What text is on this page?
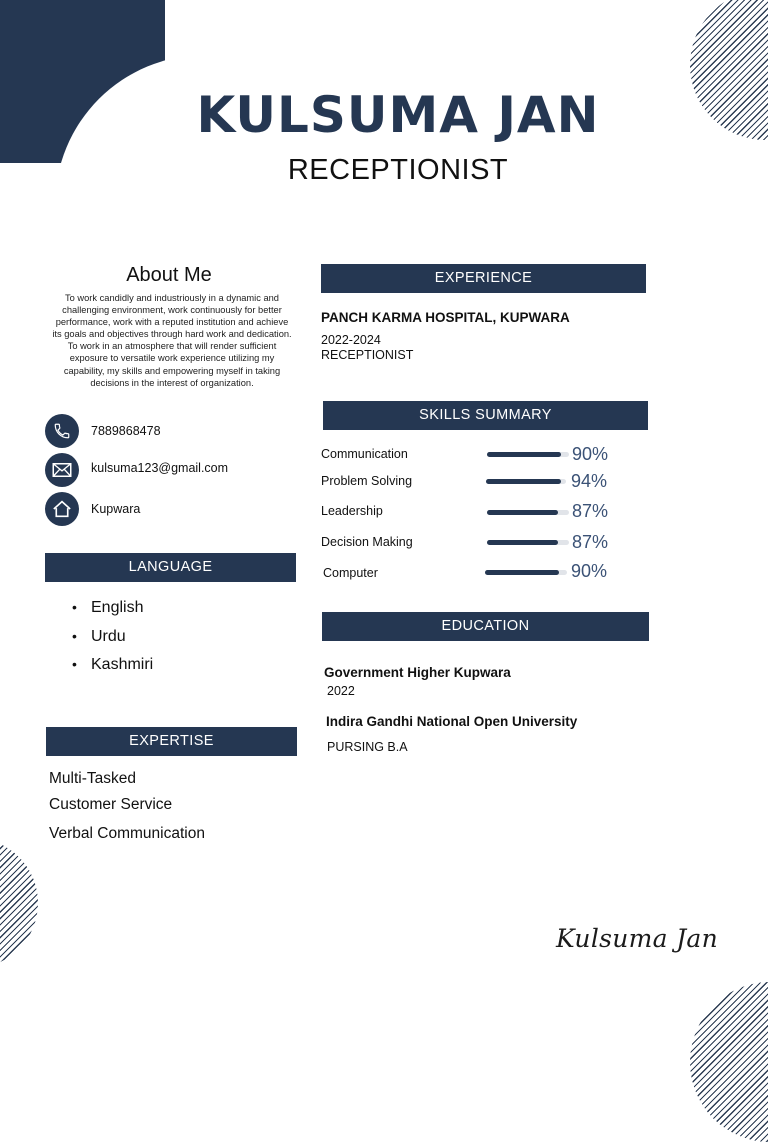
KULSUMA JAN
RECEPTIONIST
About Me
To work candidly and industriously in a dynamic and challenging environment, work continuously for better performance, work with a reputed institution and achieve its goals and objectives through hard work and dedication. To work in an atmosphere that will render sufficient exposure to versatile work experience utilizing my capability, my skills and empowering myself in taking decisions in the interest of organization.
7889868478
kulsuma123@gmail.com
Kupwara
LANGUAGE
• English
• Urdu
• Kashmiri
EXPERTISE
Multi-Tasked
Customer Service
Verbal Communication
EXPERIENCE
PANCH KARMA HOSPITAL, KUPWARA
2022-2024
RECEPTIONIST
SKILLS SUMMARY
Communication	90%
Problem Solving	94%
Leadership	87%
Decision Making	87%
Computer	90%
EDUCATION
Government Higher Kupwara
2022
Indira Gandhi National Open University
PURSING B.A
Kulsuma Jan
